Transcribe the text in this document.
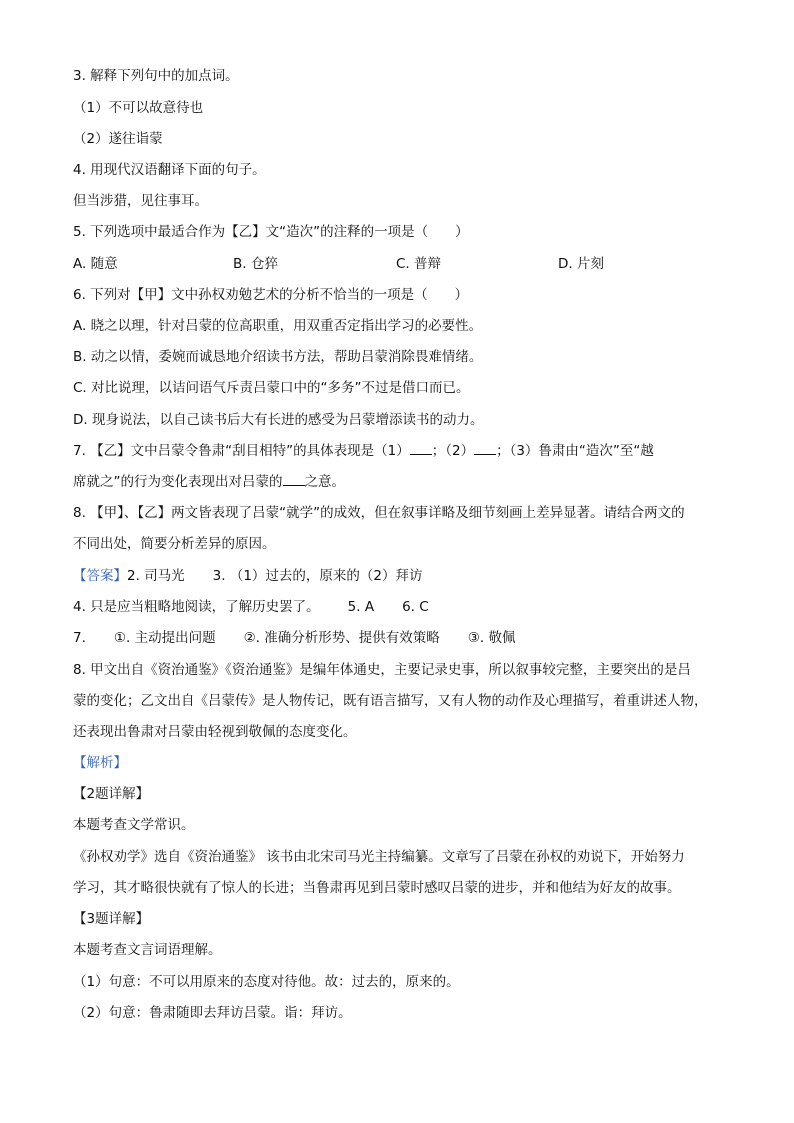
3. 解释下列句中的加点词。
（1）不可以故意待也
（2）遂往诣蒙
4. 用现代汉语翻译下面的句子。
但当涉猎，见往事耳。
5. 下列选项中最适合作为【乙】文“造次”的注释的一项是（　　）
A. 随意	B. 仓猝	C. 普辩	D. 片刻
6. 下列对【甲】文中孙权劝勉艺术的分析不恰当的一项是（　　）
A. 晓之以理，针对吕蒙的位高职重，用双重否定指出学习的必要性。
B. 动之以情，委婉而诚恳地介绍读书方法，帮助吕蒙消除畏难情绪。
C. 对比说理，以诘问语气斥责吕蒙口中的“多务”不过是借口而已。
D. 现身说法，以自己读书后大有长进的感受为吕蒙增添读书的动力。
7. 【乙】文中吕蒙令鲁肃“刮目相特”的具体表现是（1） ；（2） ；（3）鲁肃由“造次”至“越
席就之”的行为变化表现出对吕蒙的 之意。
8. 【甲】、【乙】两文皆表现了吕蒙“就学”的成效，但在叙事详略及细节刻画上差异显著。请结合两文的
不同出处，简要分析差异的原因。
【答案】2. 司马光 3. （1）过去的，原来的（2）拜访
4. 只是应当粗略地阅读，了解历史罢了。 5. A 6. C
7. ①. 主动提出问题 ②. 准确分析形势、提供有效策略 ③. 敬佩
8. 甲文出自《资治通鉴》《资治通鉴》是编年体通史，主要记录史事，所以叙事较完整，主要突出的是吕
蒙的变化；乙文出自《吕蒙传》是人物传记，既有语言描写，又有人物的动作及心理描写，着重讲述人物，
还表现出鲁肃对吕蒙由轻视到敬佩的态度变化。
【解析】
【2题详解】
本题考查文学常识。
《孙权劝学》选自《资治通鉴》 该书由北宋司马光主持编纂。文章写了吕蒙在孙权的劝说下，开始努力
学习，其才略很快就有了惊人的长进；当鲁肃再见到吕蒙时感叹吕蒙的进步，并和他结为好友的故事。
【3题详解】
本题考查文言词语理解。
（1）句意：不可以用原来的态度对待他。故：过去的，原来的。
（2）句意：鲁肃随即去拜访吕蒙。诣：拜访。
